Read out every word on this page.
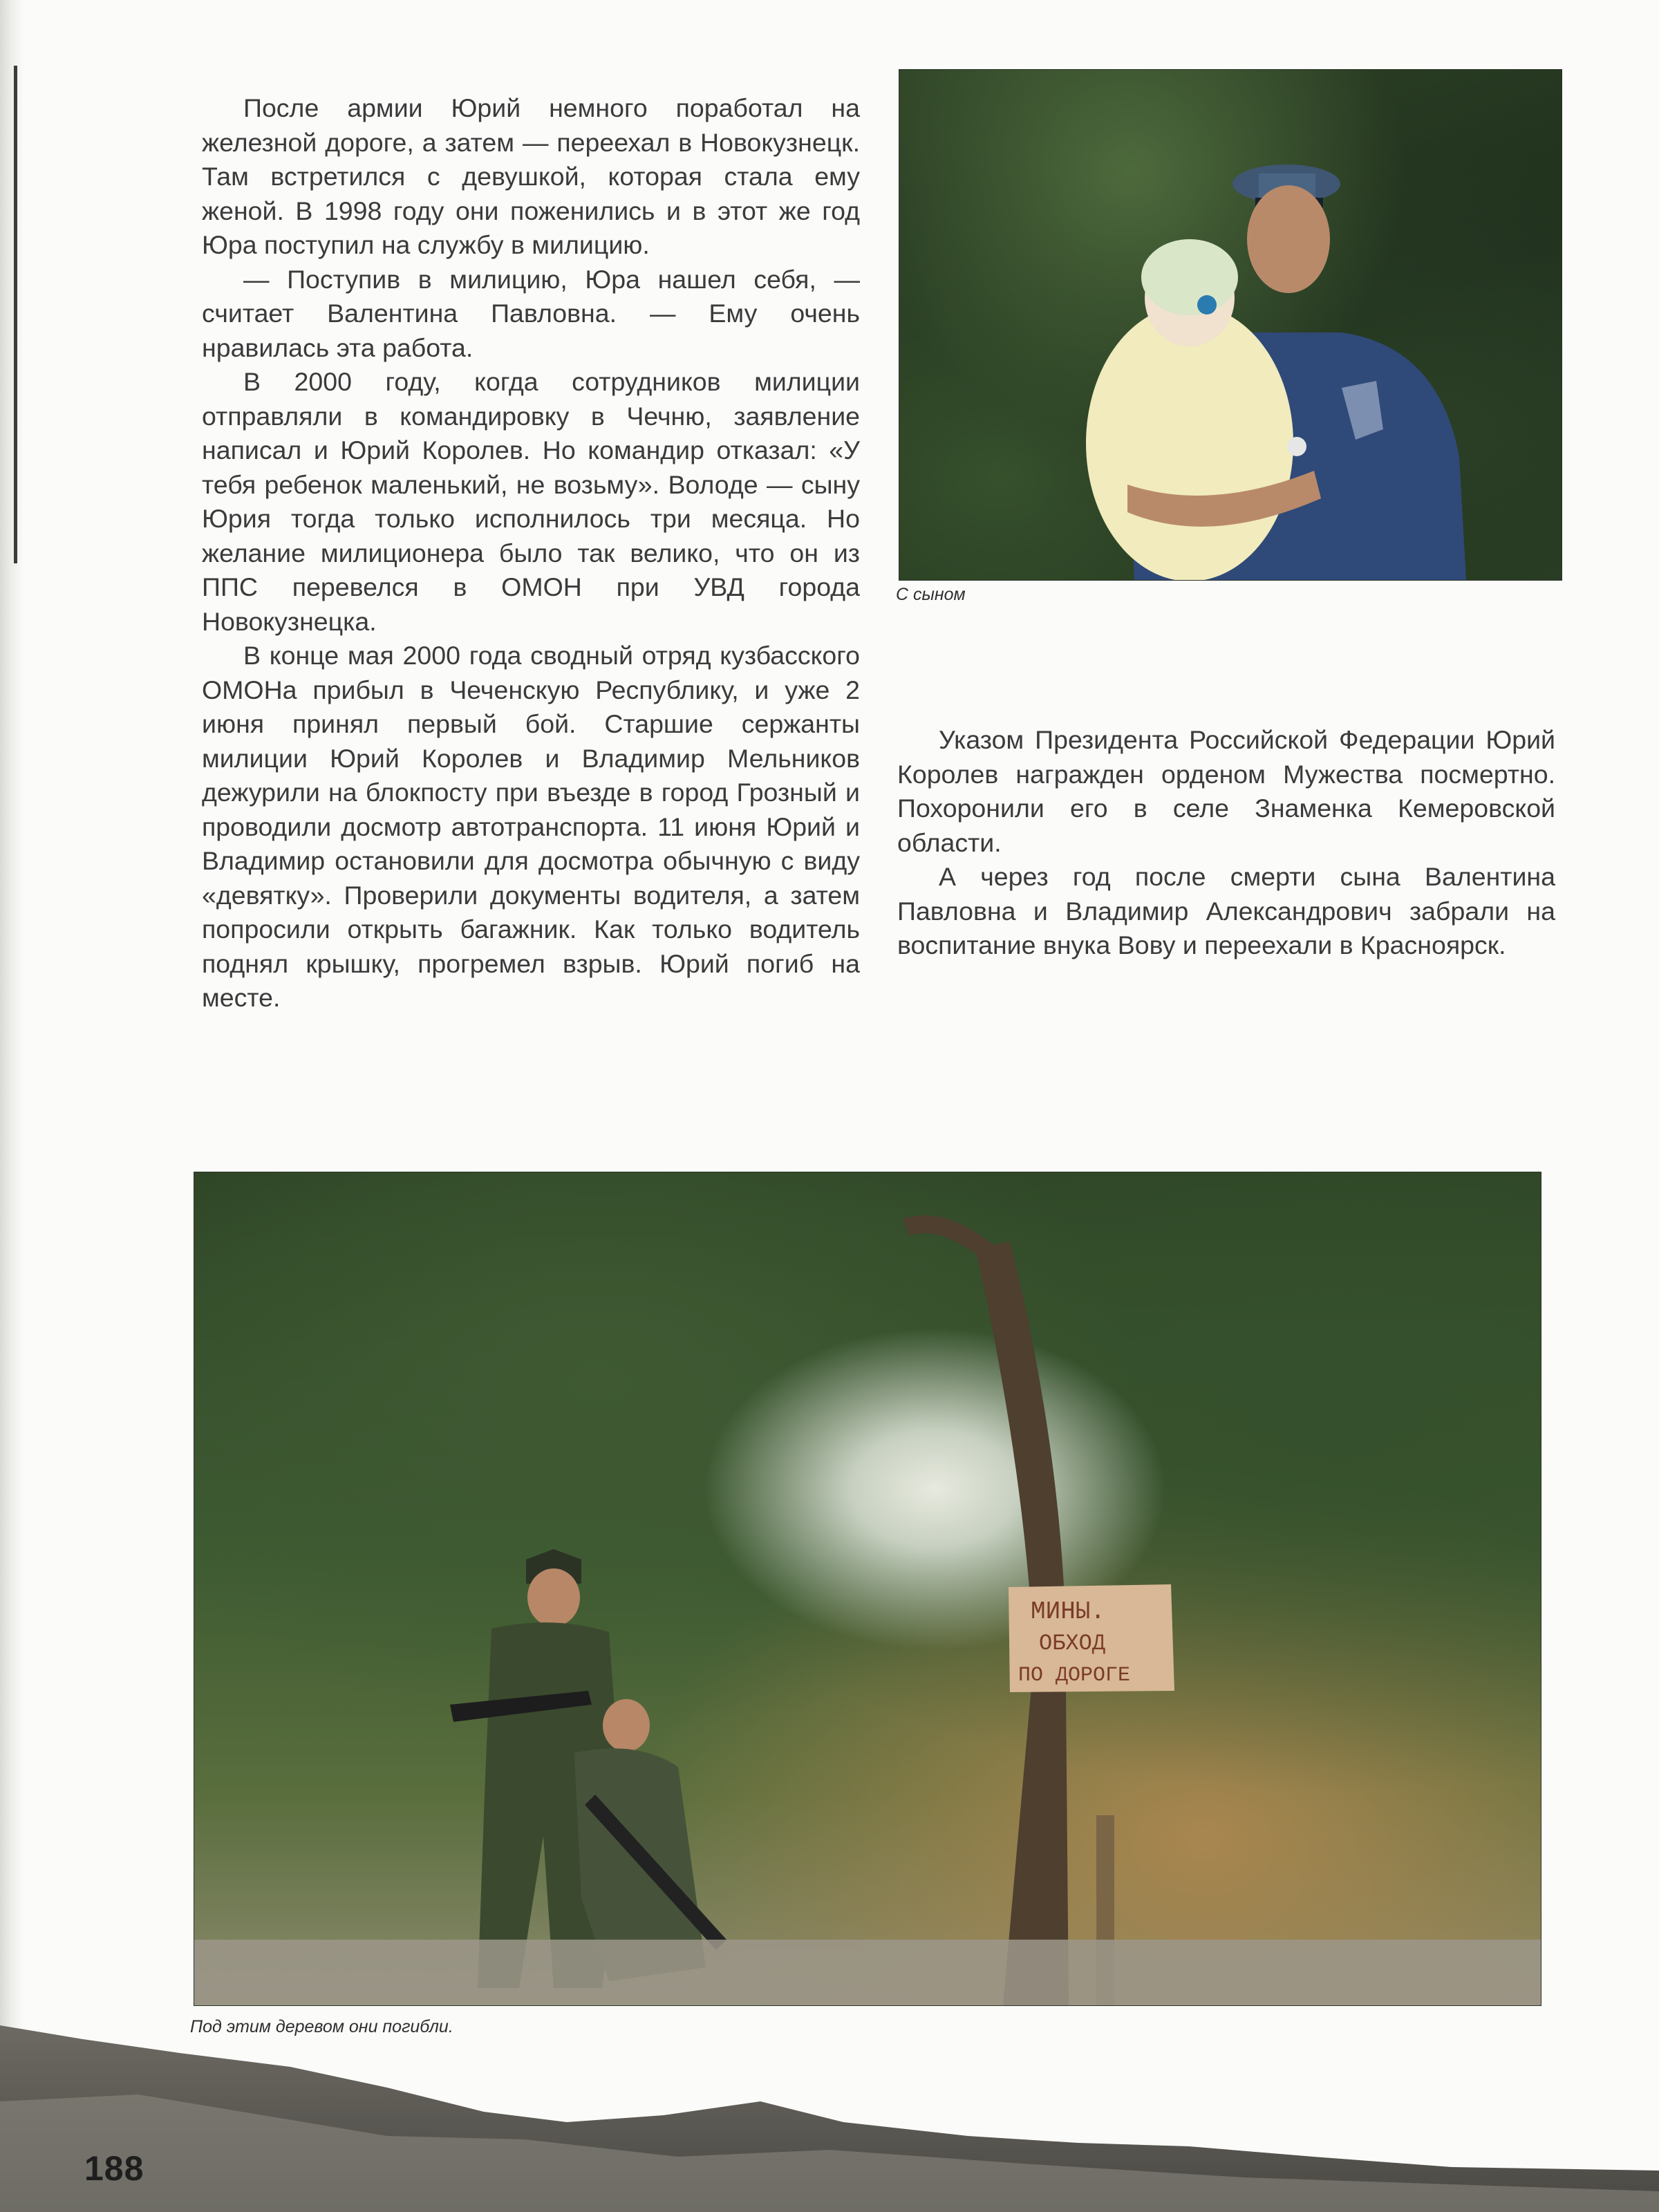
После армии Юрий немного поработал на железной дороге, а затем — переехал в Новокузнецк. Там встретился с девушкой, которая стала ему женой. В 1998 году они поженились и в этот же год Юра поступил на службу в милицию.

— Поступив в милицию, Юра нашел себя, — считает Валентина Павловна. — Ему очень нравилась эта работа.

В 2000 году, когда сотрудников милиции отправляли в командировку в Чечню, заявление написал и Юрий Королев. Но командир отказал: «У тебя ребенок маленький, не возьму». Володе — сыну Юрия тогда только исполнилось три месяца. Но желание милиционера было так велико, что он из ППС перевелся в ОМОН при УВД города Новокузнецка.

В конце мая 2000 года сводный отряд кузбасского ОМОНа прибыл в Чеченскую Республику, и уже 2 июня принял первый бой. Старшие сержанты милиции Юрий Королев и Владимир Мельников дежурили на блокпосту при въезде в город Грозный и проводили досмотр автотранспорта. 11 июня Юрий и Владимир остановили для досмотра обычную с виду «девятку». Проверили документы водителя, а затем попросили открыть багажник. Как только водитель поднял крышку, прогремел взрыв. Юрий погиб на месте.

С сыном

Указом Президента Российской Федерации Юрий Королев награжден орденом Мужества посмертно. Похоронили его в селе Знаменка Кемеровской области.

А через год после смерти сына Валентина Павловна и Владимир Александрович забрали на воспитание внука Вову и переехали в Красноярск.

МИНЫ.
ОБХОД
ПО ДОРОГЕ
Под этим деревом они погибли.
188
